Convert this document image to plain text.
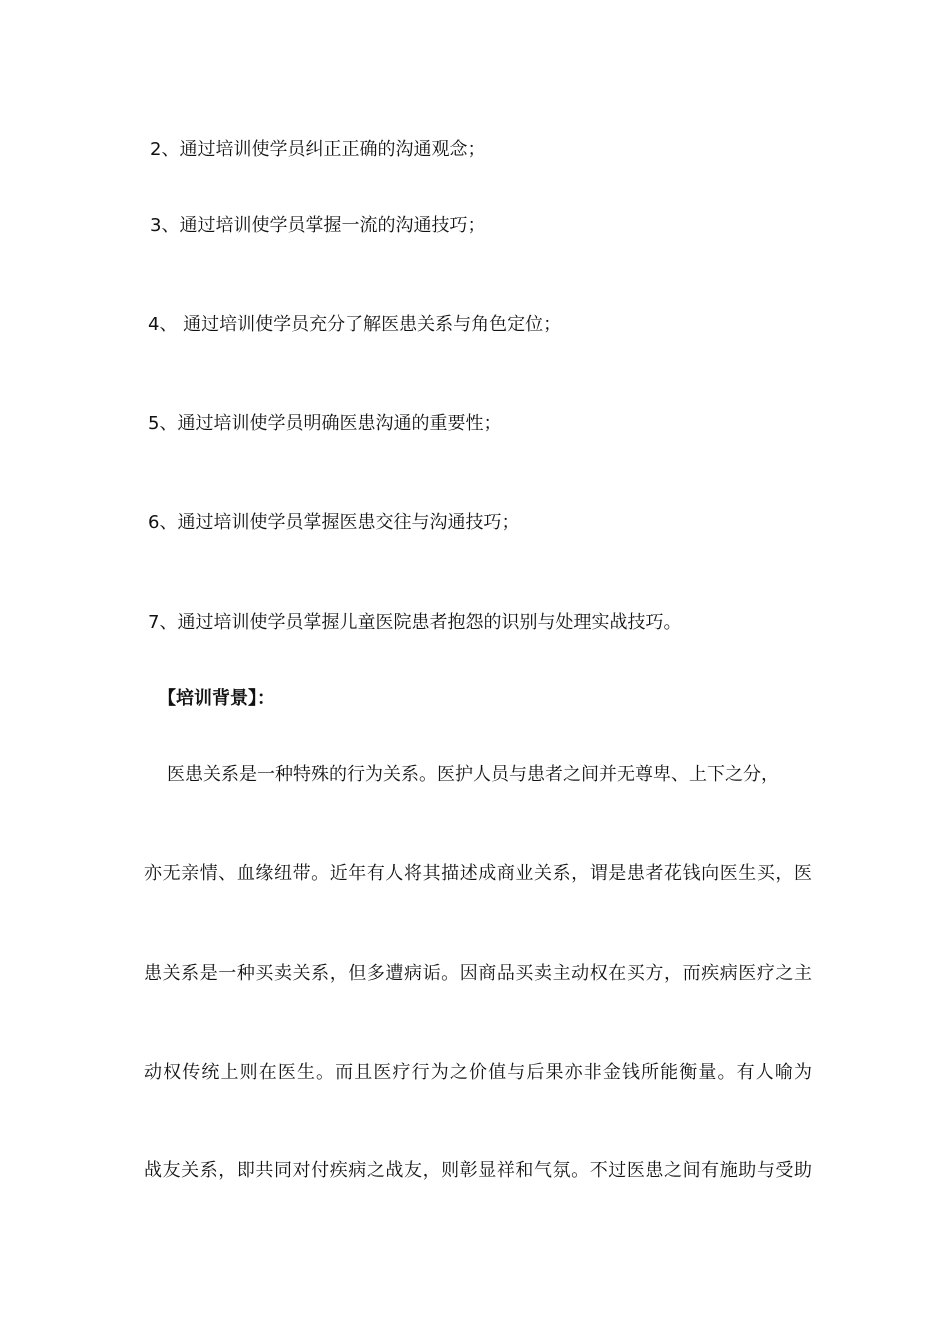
2、通过培训使学员纠正正确的沟通观念；
3、通过培训使学员掌握一流的沟通技巧；
4、 通过培训使学员充分了解医患关系与角色定位；
5、通过培训使学员明确医患沟通的重要性；
6、通过培训使学员掌握医患交往与沟通技巧；
7、通过培训使学员掌握儿童医院患者抱怨的识别与处理实战技巧。
【培训背景】：
医患关系是一种特殊的行为关系。医护人员与患者之间并无尊卑、上下之分，
亦无亲情、血缘纽带。近年有人将其描述成商业关系，谓是患者花钱向医生买，医
患关系是一种买卖关系，但多遭病诟。因商品买卖主动权在买方，而疾病医疗之主
动权传统上则在医生。而且医疗行为之价值与后果亦非金钱所能衡量。有人喻为
战友关系，即共同对付疾病之战友，则彰显祥和气氛。不过医患之间有施助与受助
